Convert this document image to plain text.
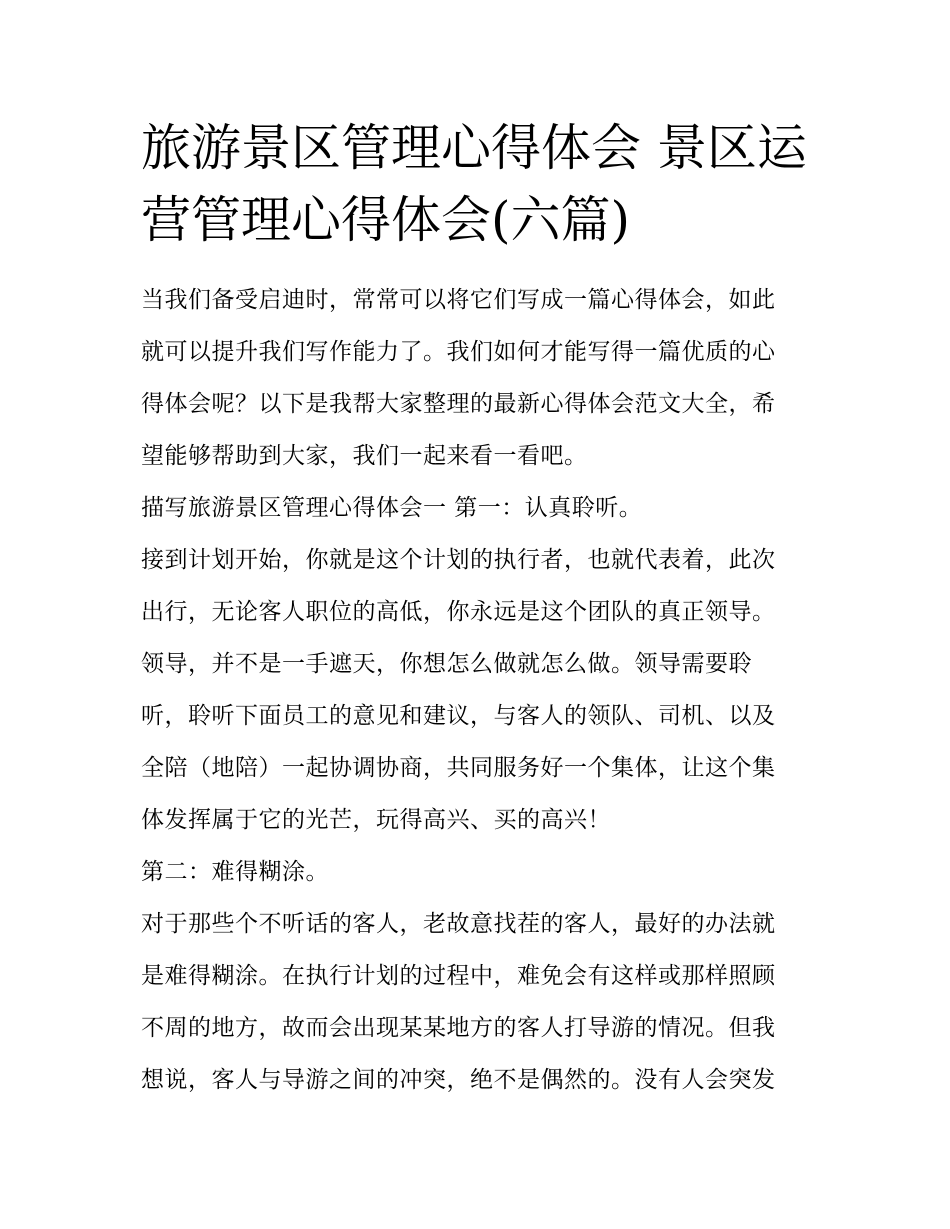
旅游景区管理心得体会 景区运
营管理心得体会(六篇)
当我们备受启迪时，常常可以将它们写成一篇心得体会，如此
就可以提升我们写作能力了。我们如何才能写得一篇优质的心
得体会呢？以下是我帮大家整理的最新心得体会范文大全，希
望能够帮助到大家，我们一起来看一看吧。
描写旅游景区管理心得体会一 第一：认真聆听。
接到计划开始，你就是这个计划的执行者，也就代表着，此次
出行，无论客人职位的高低，你永远是这个团队的真正领导。
领导，并不是一手遮天，你想怎么做就怎么做。领导需要聆
听，聆听下面员工的意见和建议，与客人的领队、司机、以及
全陪（地陪）一起协调协商，共同服务好一个集体，让这个集
体发挥属于它的光芒，玩得高兴、买的高兴！
第二：难得糊涂。
对于那些个不听话的客人，老故意找茬的客人，最好的办法就
是难得糊涂。在执行计划的过程中，难免会有这样或那样照顾
不周的地方，故而会出现某某地方的客人打导游的情况。但我
想说，客人与导游之间的冲突，绝不是偶然的。没有人会突发
